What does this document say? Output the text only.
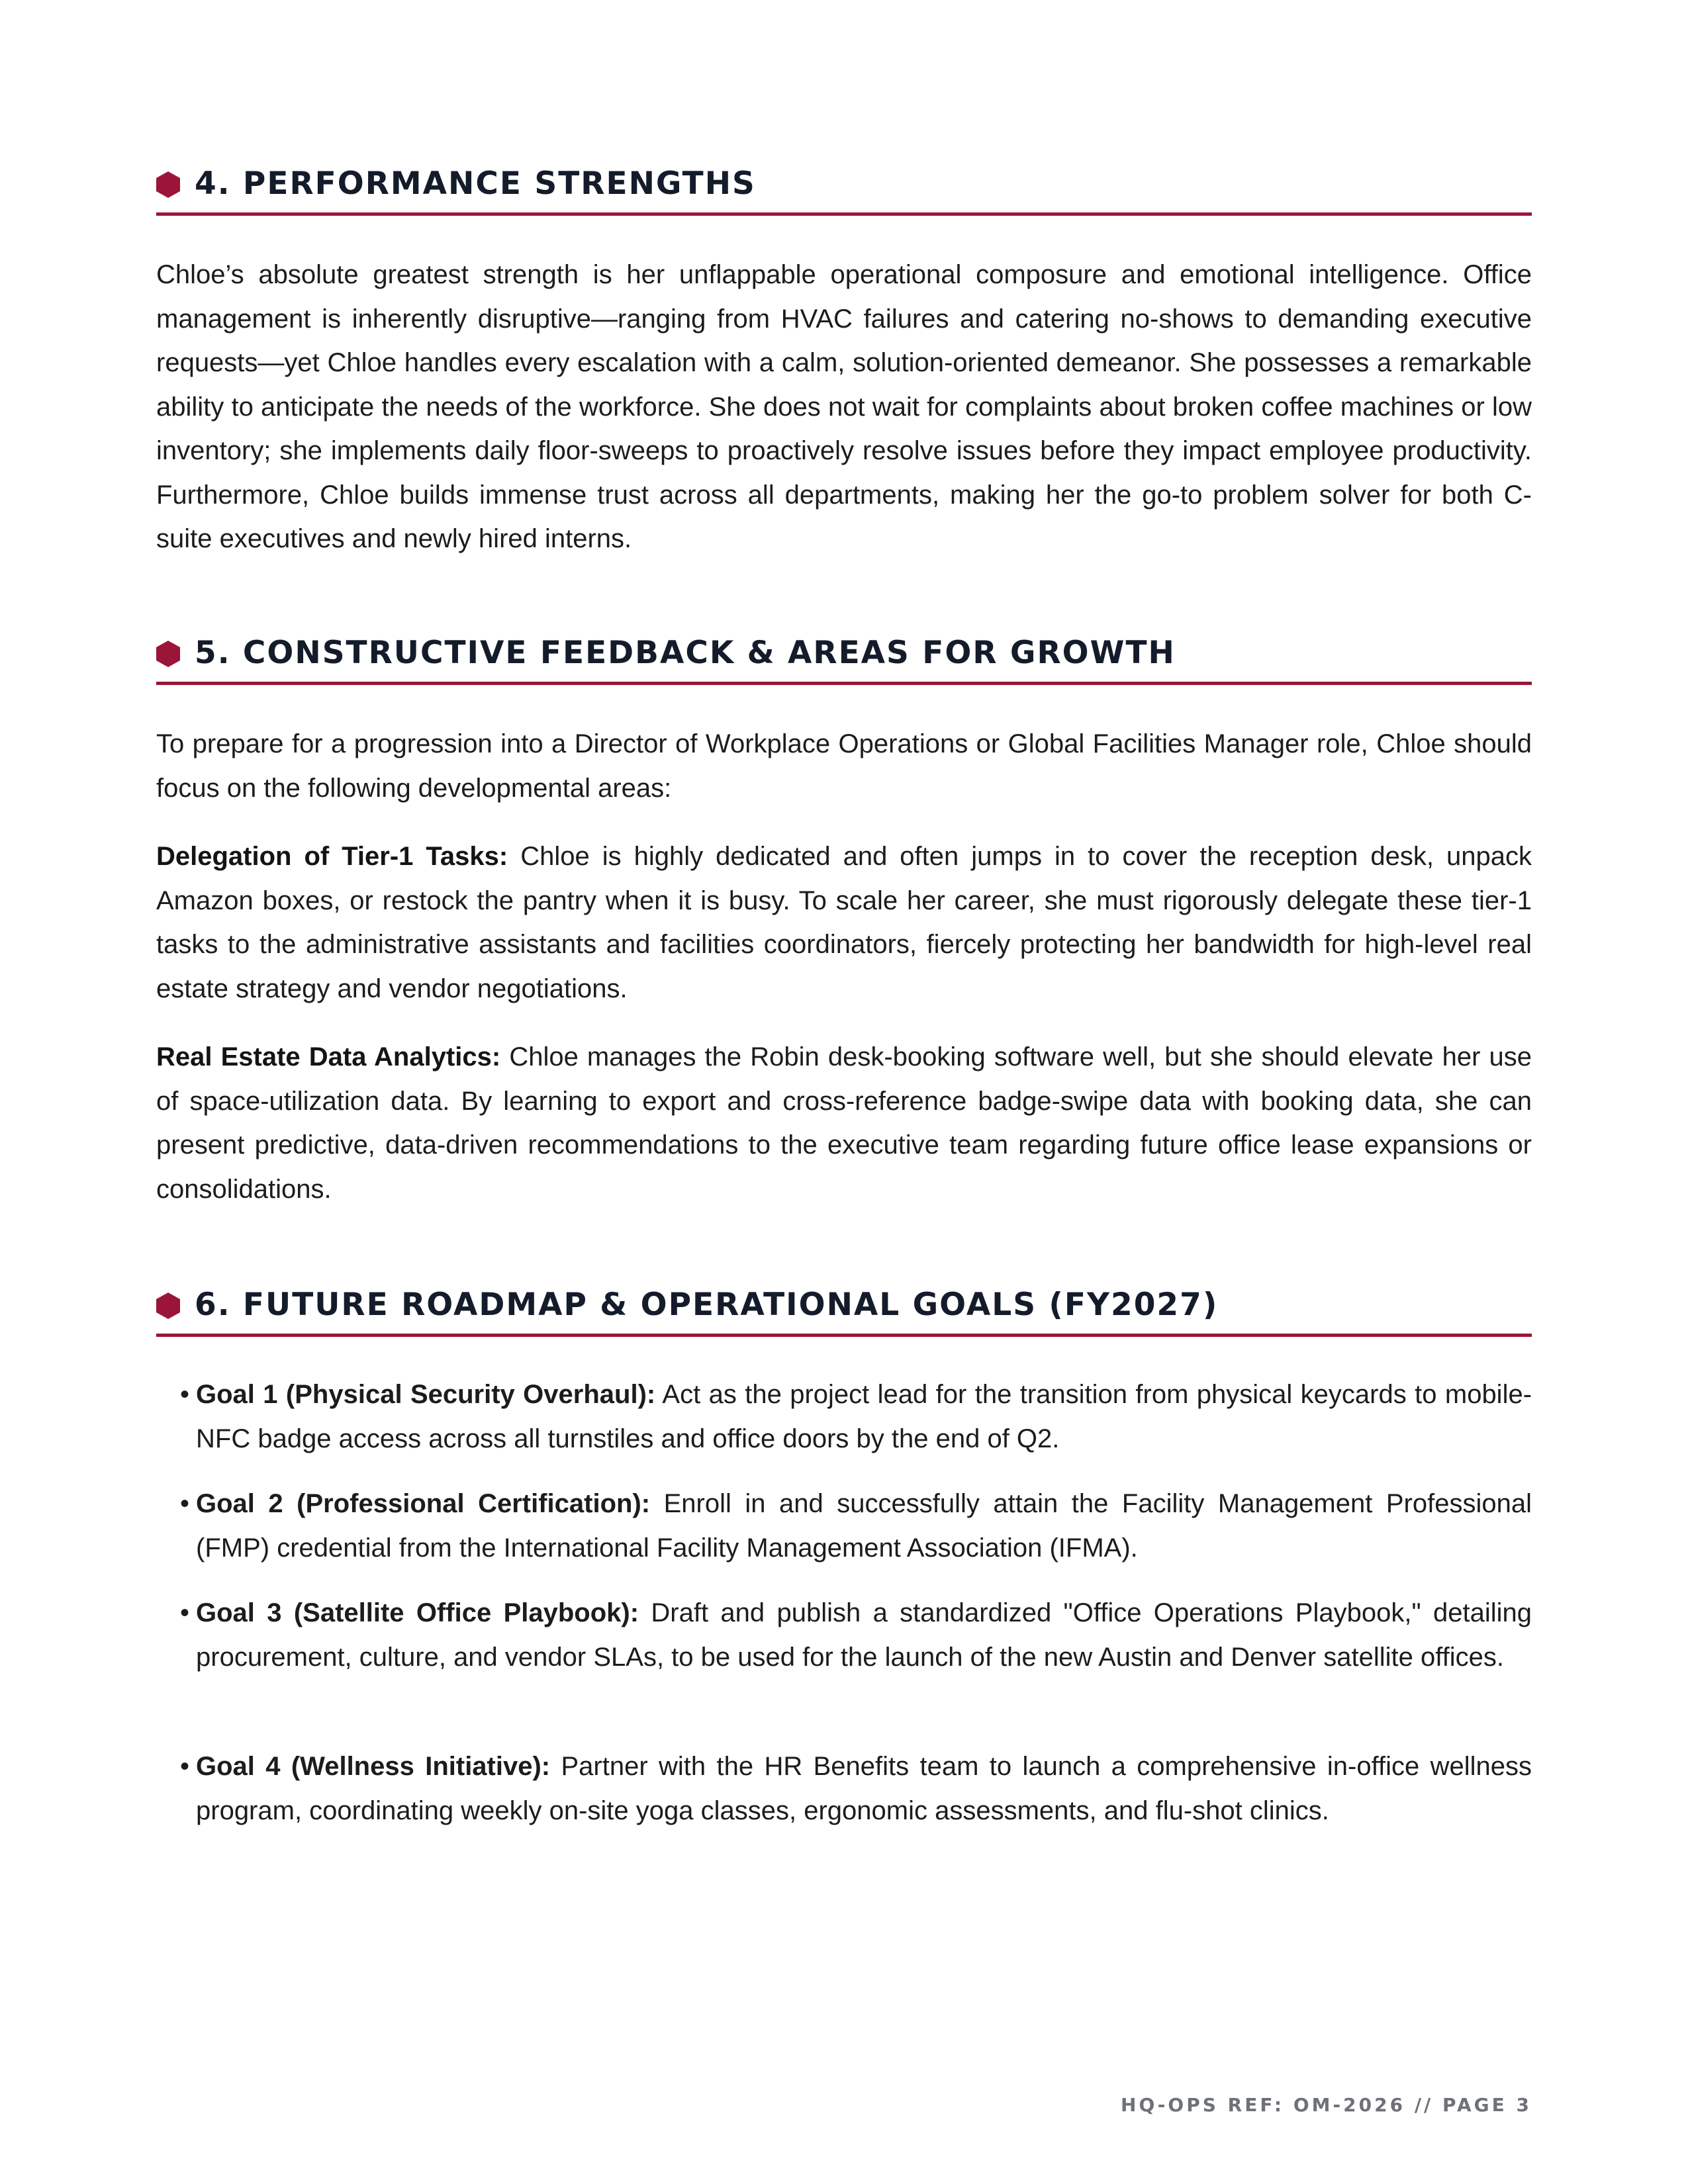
4. PERFORMANCE STRENGTHS

Chloe’s absolute greatest strength is her unflappable operational composure and emotional intelligence. Office management is inherently disruptive—ranging from HVAC failures and catering no-shows to demanding executive requests—yet Chloe handles every escalation with a calm, solution-oriented demeanor. She possesses a remarkable ability to anticipate the needs of the workforce. She does not wait for complaints about broken coffee machines or low inventory; she implements daily floor-sweeps to proactively resolve issues before they impact employee productivity. Furthermore, Chloe builds immense trust across all departments, making her the go-to problem solver for both C-suite executives and newly hired interns.

5. CONSTRUCTIVE FEEDBACK & AREAS FOR GROWTH

To prepare for a progression into a Director of Workplace Operations or Global Facilities Manager role, Chloe should focus on the following developmental areas:

Delegation of Tier-1 Tasks: Chloe is highly dedicated and often jumps in to cover the reception desk, unpack Amazon boxes, or restock the pantry when it is busy. To scale her career, she must rigorously delegate these tier-1 tasks to the administrative assistants and facilities coordinators, fiercely protecting her bandwidth for high-level real estate strategy and vendor negotiations.

Real Estate Data Analytics: Chloe manages the Robin desk-booking software well, but she should elevate her use of space-utilization data. By learning to export and cross-reference badge-swipe data with booking data, she can present predictive, data-driven recommendations to the executive team regarding future office lease expansions or consolidations.

6. FUTURE ROADMAP & OPERATIONAL GOALS (FY2027)

• Goal 1 (Physical Security Overhaul): Act as the project lead for the transition from physical keycards to mobile-NFC badge access across all turnstiles and office doors by the end of Q2.

• Goal 2 (Professional Certification): Enroll in and successfully attain the Facility Management Professional (FMP) credential from the International Facility Management Association (IFMA).

• Goal 3 (Satellite Office Playbook): Draft and publish a standardized "Office Operations Playbook," detailing procurement, culture, and vendor SLAs, to be used for the launch of the new Austin and Denver satellite offices.

• Goal 4 (Wellness Initiative): Partner with the HR Benefits team to launch a comprehensive in-office wellness program, coordinating weekly on-site yoga classes, ergonomic assessments, and flu-shot clinics.

HQ-OPS REF: OM-2026 // PAGE 3
